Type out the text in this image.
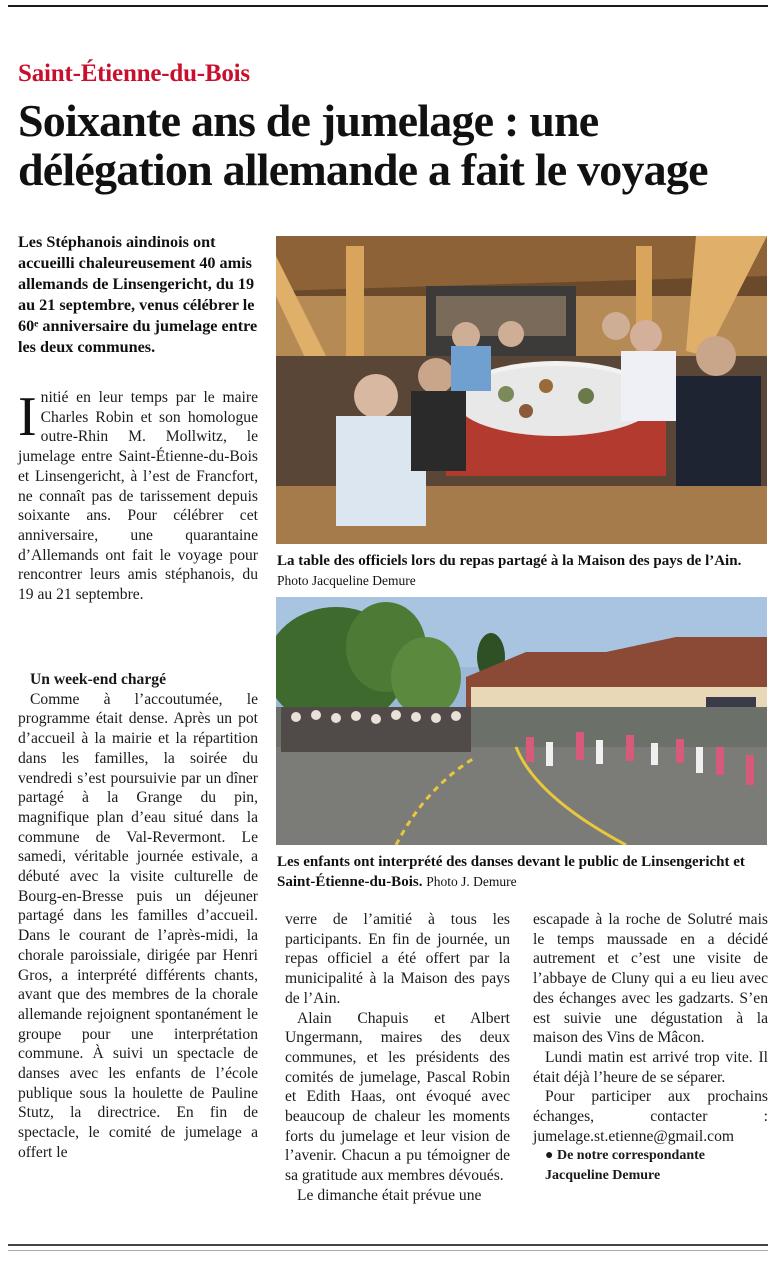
Saint-Étienne-du-Bois
Soixante ans de jumelage : une délégation allemande a fait le voyage
Les Stéphanois aindinois ont accueilli chaleureusement 40 amis allemands de Linsengericht, du 19 au 21 septembre, venus célébrer le 60ᵉ anniversaire du jumelage entre les deux communes.

Initié en leur temps par le maire Charles Robin et son homologue outre-Rhin M. Mollwitz, le jumelage entre Saint-Étienne-du-Bois et Linsengericht, à l’est de Francfort, ne connaît pas de tarissement depuis soixante ans. Pour célébrer cet anniversaire, une quarantaine d’Allemands ont fait le voyage pour rencontrer leurs amis stéphanois, du 19 au 21 septembre.

Un week-end chargé

Comme à l’accoutumée, le programme était dense. Après un pot d’accueil à la mairie et la répartition dans les familles, la soirée du vendredi s’est poursuivie par un dîner partagé à la Grange du pin, magnifique plan d’eau situé dans la commune de Val-Revermont. Le samedi, véritable journée estivale, a débuté avec la visite culturelle de Bourg-en-Bresse puis un déjeuner partagé dans les familles d’accueil. Dans le courant de l’après-midi, la chorale paroissiale, dirigée par Henri Gros, a interprété différents chants, avant que des membres de la chorale allemande rejoignent spontanément le groupe pour une interprétation commune. À suivi un spectacle de danses avec les enfants de l’école publique sous la houlette de Pauline Stutz, la directrice. En fin de spectacle, le comité de jumelage a offert le

La table des officiels lors du repas partagé à la Maison des pays de l’Ain. Photo Jacqueline Demure
Les enfants ont interprété des danses devant le public de Linsengericht et Saint-Étienne-du-Bois. Photo J. Demure

verre de l’amitié à tous les participants. En fin de journée, un repas officiel a été offert par la municipalité à la Maison des pays de l’Ain.

Alain Chapuis et Albert Ungermann, maires des deux communes, et les présidents des comités de jumelage, Pascal Robin et Edith Haas, ont évoqué avec beaucoup de chaleur les moments forts du jumelage et leur vision de l’avenir. Chacun a pu témoigner de sa gratitude aux membres dévoués.

Le dimanche était prévue une

escapade à la roche de Solutré mais le temps maussade en a décidé autrement et c’est une visite de l’abbaye de Cluny qui a eu lieu avec des échanges avec les gadzarts. S’en est suivie une dégustation à la maison des Vins de Mâcon.

Lundi matin est arrivé trop vite. Il était déjà l’heure de se séparer.

Pour participer aux prochains échanges, contacter : jumelage.st.etienne@gmail.com

● De notre correspondante

Jacqueline Demure
